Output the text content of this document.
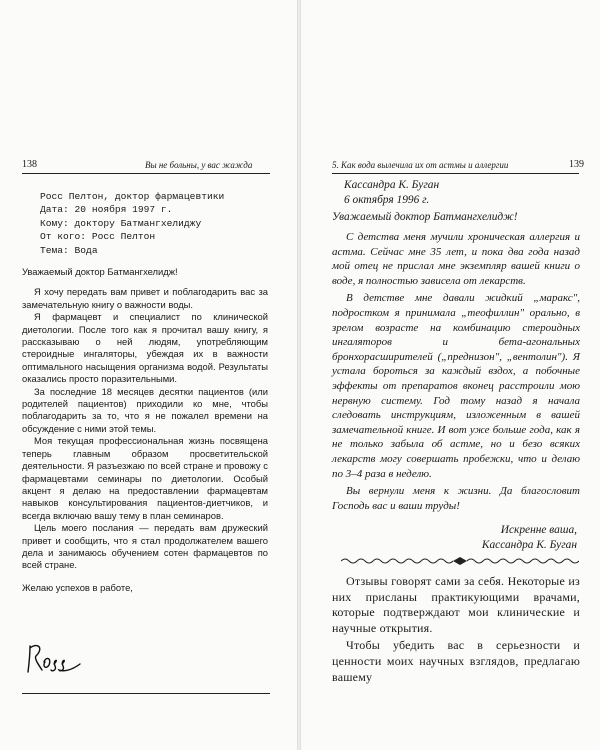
138	Вы не больны, у вас жажда
Росс Пелтон, доктор фармацевтики
Дата: 20 ноября 1997 г.
Кому: доктору Батмангхелиджу
От кого: Росс Пелтон
Тема: Вода
Уважаемый доктор Батмангхелидж!
Я хочу передать вам привет и поблагодарить вас за замечательную книгу о важности воды.
Я фармацевт и специалист по клинической диетологии. После того как я прочитал вашу книгу, я рассказываю о ней людям, употребляющим стероидные ингаляторы, убеждая их в важности оптимального насыщения организма водой. Результаты оказались просто поразительными.
За последние 18 месяцев десятки пациентов (или родителей пациентов) приходили ко мне, чтобы поблагодарить за то, что я не пожалел времени на обсуждение с ними этой темы.
Моя текущая профессиональная жизнь посвящена теперь главным образом просветительской деятельности. Я разъезжаю по всей стране и провожу с фармацевтами семинары по диетологии. Особый акцент я делаю на предоставлении фармацевтам навыков консультирования пациентов-диетчиков, и всегда включаю вашу тему в план семинаров.
Цель моего послания — передать вам дружеский привет и сообщить, что я стал продолжателем вашего дела и занимаюсь обучением сотен фармацевтов по всей стране.
Желаю успехов в работе,
5. Как вода вылечила их от астмы и аллергии	139
Кассандра К. Буган
6 октября 1996 г.
Уважаемый доктор Батмангхелидж!

С детства меня мучили хроническая аллергия и астма. Сейчас мне 35 лет, и пока два года назад мой отец не прислал мне экземпляр вашей книги о воде, я полностью зависела от лекарств.

В детстве мне давали жидкий „маракс", подростком я принимала „теофиллин" орально, в зрелом возрасте на комбинацию стероидных ингаляторов и бета-агональных бронхорасширителей („преднизон", „вентолин"). Я устала бороться за каждый вздох, а побочные эффекты от препаратов вконец расстроили мою нервную систему. Год тому назад я начала следовать инструкциям, изложенным в вашей замечательной книге. И вот уже больше года, как я не только забыла об астме, но и безо всяких лекарств могу совершать пробежки, что и делаю по 3–4 раза в неделю.

Вы вернули меня к жизни. Да благословит Господь вас и ваши труды!

Искренне ваша,
Кассандра К. Буган

Отзывы говорят сами за себя. Некоторые из них присланы практикующими врачами, которые подтверждают мои клинические и научные открытия.

Чтобы убедить вас в серьезности и ценности моих научных взглядов, предлагаю вашему
